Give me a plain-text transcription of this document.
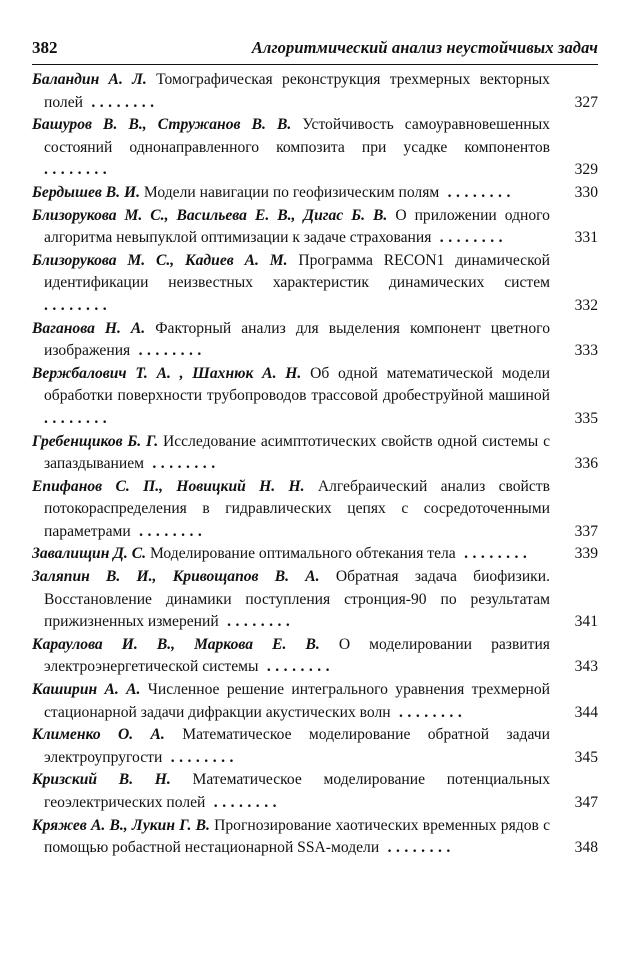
382	Алгоритмический анализ неустойчивых задач
Баландин А. Л. Томографическая реконструкция трехмерных векторных полей ........	327
Башуров В. В., Стружанов В. В. Устойчивость самоуравновешенных состояний однонаправленного композита при усадке компонентов ........	329
Бердышев В. И. Модели навигации по геофизическим полям ........	330
Близорукова М. С., Васильева Е. В., Дигас Б. В. О приложении одного алгоритма невыпуклой оптимизации к задаче страхования ........	331
Близорукова М. С., Кадиев А. М. Программа RECON1 динамической идентификации неизвестных характеристик динамических систем ........	332
Ваганова Н. А. Факторный анализ для выделения компонент цветного изображения ........	333
Вержбалович Т. А. , Шахнюк А. Н. Об одной математической модели обработки поверхности трубопроводов трассовой дробеструйной машиной ........	335
Гребенщиков Б. Г. Исследование асимптотических свойств одной системы с запаздыванием ........	336
Епифанов С. П., Новицкий Н. Н. Алгебраический анализ свойств потокораспределения в гидравлических цепях с сосредоточенными параметрами ........	337
Завалищин Д. С. Моделирование оптимального обтекания тела ........	339
Заляпин В. И., Кривощапов В. А. Обратная задача биофизики. Восстановление динамики поступления стронция-90 по результатам прижизненных измерений ........	341
Караулова И. В., Маркова Е. В. О моделировании развития электроэнергетической системы ........	343
Каширин А. А. Численное решение интегрального уравнения трехмерной стационарной задачи дифракции акустических волн ........	344
Клименко О. А. Математическое моделирование обратной задачи электроупругости ........	345
Кризский В. Н. Математическое моделирование потенциальных геоэлектрических полей ........	347
Кряжев А. В., Лукин Г. В. Прогнозирование хаотических временных рядов с помощью робастной нестационарной SSA-модели ........	348
